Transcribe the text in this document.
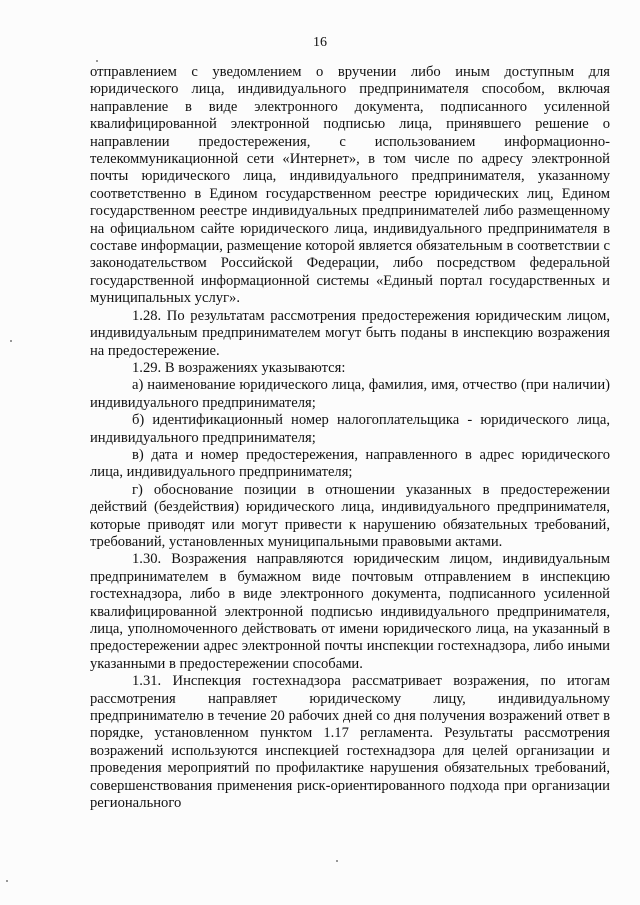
16

отправлением с уведомлением о вручении либо иным доступным для юридического лица, индивидуального предпринимателя способом, включая направление в виде электронного документа, подписанного усиленной квалифицированной электронной подписью лица, принявшего решение о направлении предостережения, с использованием информационно-телекоммуникационной сети «Интернет», в том числе по адресу электронной почты юридического лица, индивидуального предпринимателя, указанному соответственно в Едином государственном реестре юридических лиц, Едином государственном реестре индивидуальных предпринимателей либо размещенному на официальном сайте юридического лица, индивидуального предпринимателя в составе информации, размещение которой является обязательным в соответствии с законодательством Российской Федерации, либо посредством федеральной государственной информационной системы «Единый портал государственных и муниципальных услуг».

1.28. По результатам рассмотрения предостережения юридическим лицом, индивидуальным предпринимателем могут быть поданы в инспекцию возражения на предостережение.

1.29. В возражениях указываются:

а) наименование юридического лица, фамилия, имя, отчество (при наличии) индивидуального предпринимателя;

б) идентификационный номер налогоплательщика - юридического лица, индивидуального предпринимателя;

в) дата и номер предостережения, направленного в адрес юридического лица, индивидуального предпринимателя;

г) обоснование позиции в отношении указанных в предостережении действий (бездействия) юридического лица, индивидуального предпринимателя, которые приводят или могут привести к нарушению обязательных требований, требований, установленных муниципальными правовыми актами.

1.30. Возражения направляются юридическим лицом, индивидуальным предпринимателем в бумажном виде почтовым отправлением в инспекцию гостехнадзора, либо в виде электронного документа, подписанного усиленной квалифицированной электронной подписью индивидуального предпринимателя, лица, уполномоченного действовать от имени юридического лица, на указанный в предостережении адрес электронной почты инспекции гостехнадзора, либо иными указанными в предостережении способами.

1.31. Инспекция гостехнадзора рассматривает возражения, по итогам рассмотрения направляет юридическому лицу, индивидуальному предпринимателю в течение 20 рабочих дней со дня получения возражений ответ в порядке, установленном пунктом 1.17 регламента. Результаты рассмотрения возражений используются инспекцией гостехнадзора для целей организации и проведения мероприятий по профилактике нарушения обязательных требований, совершенствования применения риск-ориентированного подхода при организации регионального
